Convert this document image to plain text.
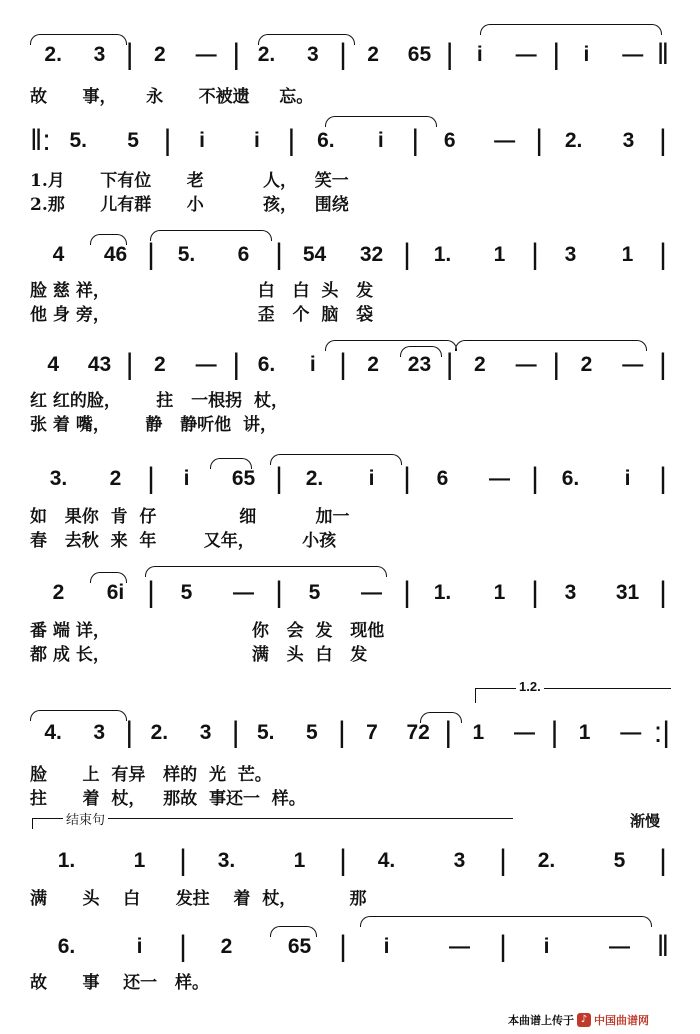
2.	3 | 2	— | 2.	3 | 2	65 |	i	— |	i	— ‖
故      事，     永      不被遗     忘。
‖: 5.	5 |	i	i |	6.	i |	6	— |	2.	3 |
1.月      下有位      老          人，   笑一
2.那      儿有群      小          孩，   围绕
4	46 |	5.	6 | 54	32 |	1.	1 |	3	1 |
脸 慈 祥，                         白   白  头   发
他 身 旁，                         歪   个  脑   袋
4	43 | 2	— | 6.	i | 2	23 | 2	— | 2	— |
红 红的脸，      拄   一根拐  杖，
张 着 嘴，      静   静听他  讲，
3.	2 |	i	65 |	2.	i |	6	— |	6.	i |
如   果你  肯  仔              细          加一
春   去秋  来  年        又年，        小孩
2	6i |	5	— |	5	— |	1.	1 |	3	31 |
番 端 详，                        你   会  发   现他
都 成 长，                        满   头  白   发
1.2.
4.	3 | 2.	3 | 5.	5 | 7	72 | 1	— | 1	— :|
脸      上  有异   样的  光  芒。
拄      着  杖，   那故  事还一  样。
结束句	渐慢
1.	1	|	3.	1	|	4.	3	|	2.	5	|
满      头    白      发拄    着  杖，         那
6.	i	|	2	65 |	i	— |	i	— ‖
故      事    还一   样。
本曲谱上传于 ♪ 中国曲谱网
